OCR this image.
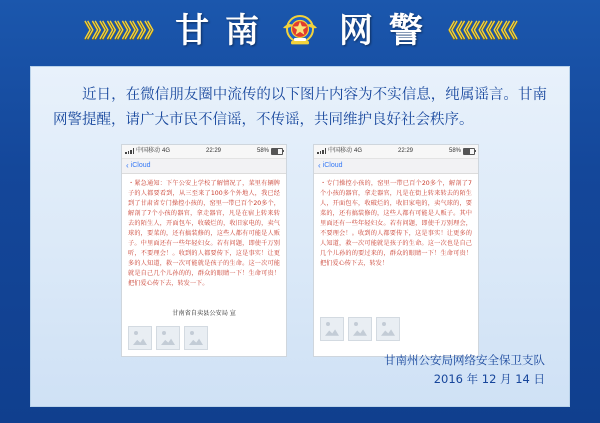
》》》》》》》》》 甘 南 网 警 《《《《《《《《《

近日，在微信朋友圈中流传的以下图片内容为不实信息，纯属谣言。甘南网警提醒，请广大市民不信谣，不传谣，共同维护良好社会秩序。

中国移动 4G	22:29	58%
‹ iCloud
・紧急通知：下午公安上学校了解情况了，菜里有辆牌子的人都要看到，从三至来了100多个外地人，我已经到了甘肃省专门操控小孩的，窑里一带已百个20多个，解剖了7个小孩的器官，拿走器官，凡是在宿上转来转去的陌生人，开面包车，收破烂的，收旧家电的，卖气球的，要菜的，还有搞装修的，这些人都有可能是人贩子。中里面还有一些年轻妇女。若有问题，即使千万别听，不要理会！。收到的人都要传下，这是事实！让更多的人知道，救一次可能就是孩子的生命。这一次可能就是自己几个儿孙的的，群众的眼睛一下！生命可贵！把们爱心传下去，转发一下。
甘南省自卖县公安局 宣
中国移动 4G	22:29	58%
‹ iCloud
・专门操控小孩的，窑里一带已百个20多个，解剖了7个小孩的器官，拿走器官，凡是在街上转来转去的陌生人，开面包车，收破烂的，收旧家电的，卖气球的，要菜的，还有搞装修的，这些人都有可能是人贩子。其中里面还有一些年轻妇女。若有问题，即使千万别理会，不要理会！。收到的人都要传下，这是事实！让更多的人知道，救一次可能就是孩子的生命。这一次也是自己几个儿孙的的要过来的，群众的眼睛一下！生命可贵！把们爱心传下去，转发！
甘南州公安局网络安全保卫支队
2016 年 12 月 14 日
